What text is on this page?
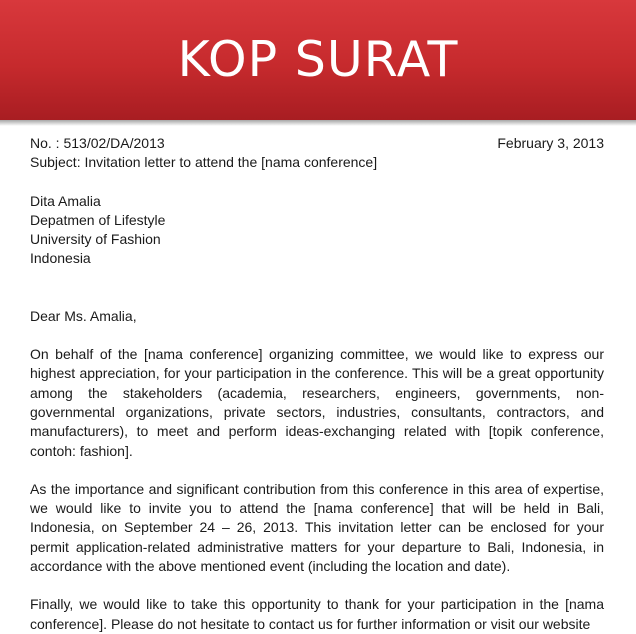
KOP SURAT
No. : 513/02/DA/2013	February 3, 2013
Subject: Invitation letter to attend the [nama conference]
Dita Amalia
Depatmen of Lifestyle
University of Fashion
Indonesia
Dear Ms. Amalia,

On behalf of the [nama conference] organizing committee, we would like to express our highest appreciation, for your participation in the conference. This will be a great opportunity among the stakeholders (academia, researchers, engineers, governments, non-governmental organizations, private sectors, industries, consultants, contractors, and manufacturers), to meet and perform ideas-exchanging related with [topik conference, contoh: fashion].

As the importance and significant contribution from this conference in this area of expertise, we would like to invite you to attend the [nama conference] that will be held in Bali, Indonesia, on September 24 – 26, 2013. This invitation letter can be enclosed for your permit application-related administrative matters for your departure to Bali, Indonesia, in accordance with the above mentioned event (including the location and date).

Finally, we would like to take this opportunity to thank for your participation in the [nama conference]. Please do not hesitate to contact us for further information or visit our website
